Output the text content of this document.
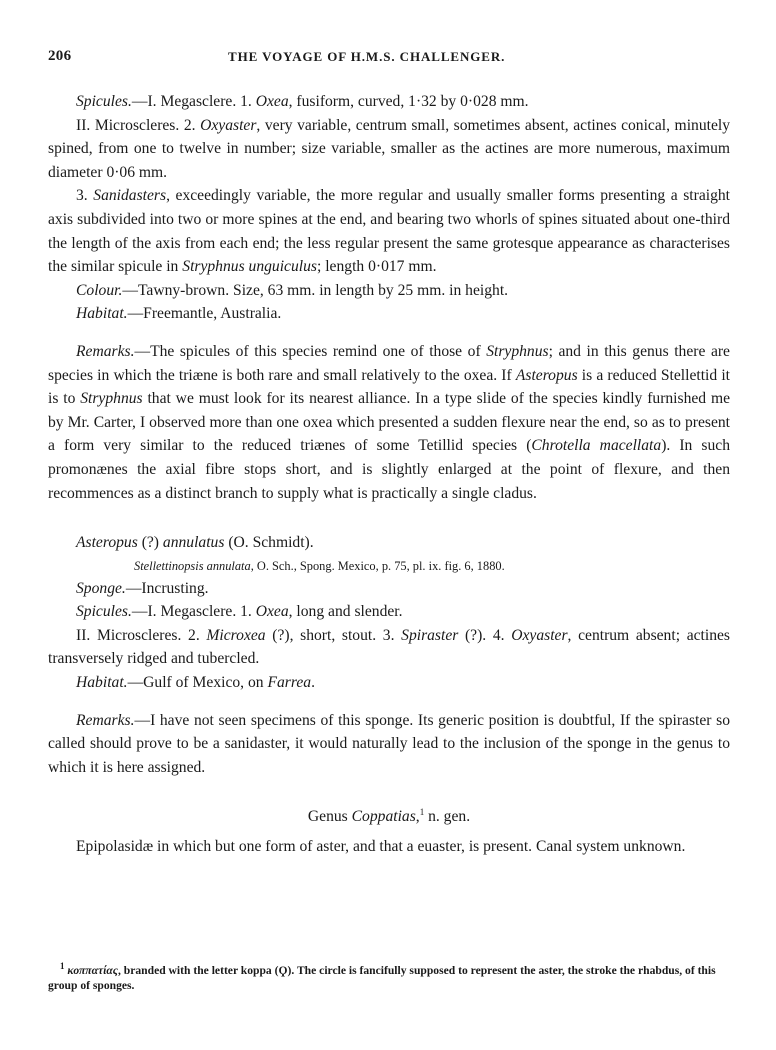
206	THE VOYAGE OF H.M.S. CHALLENGER.

Spicules.—I. Megasclere. 1. Oxea, fusiform, curved, 1·32 by 0·028 mm.

II. Microscleres. 2. Oxyaster, very variable, centrum small, sometimes absent, actines conical, minutely spined, from one to twelve in number; size variable, smaller as the actines are more numerous, maximum diameter 0·06 mm.

3. Sanidasters, exceedingly variable, the more regular and usually smaller forms presenting a straight axis subdivided into two or more spines at the end, and bearing two whorls of spines situated about one-third the length of the axis from each end; the less regular present the same grotesque appearance as characterises the similar spicule in Stryphnus unguiculus; length 0·017 mm.

Colour.—Tawny-brown. Size, 63 mm. in length by 25 mm. in height.

Habitat.—Freemantle, Australia.

Remarks.—The spicules of this species remind one of those of Stryphnus; and in this genus there are species in which the triæne is both rare and small relatively to the oxea. If Asteropus is a reduced Stellettid it is to Stryphnus that we must look for its nearest alliance. In a type slide of the species kindly furnished me by Mr. Carter, I observed more than one oxea which presented a sudden flexure near the end, so as to present a form very similar to the reduced triænes of some Tetillid species (Chrotella macellata). In such promonænes the axial fibre stops short, and is slightly enlarged at the point of flexure, and then recommences as a distinct branch to supply what is practically a single cladus.

Asteropus (?) annulatus (O. Schmidt).

Stellettinopsis annulata, O. Sch., Spong. Mexico, p. 75, pl. ix. fig. 6, 1880.

Sponge.—Incrusting.

Spicules.—I. Megasclere. 1. Oxea, long and slender.

II. Microscleres. 2. Microxea (?), short, stout. 3. Spiraster (?). 4. Oxyaster, centrum absent; actines transversely ridged and tubercled.

Habitat.—Gulf of Mexico, on Farrea.

Remarks.—I have not seen specimens of this sponge. Its generic position is doubtful, If the spiraster so called should prove to be a sanidaster, it would naturally lead to the inclusion of the sponge in the genus to which it is here assigned.

Genus Coppatias,$^1$ n. gen.

Epipolasidæ in which but one form of aster, and that a euaster, is present. Canal system unknown.

$^1$ κοππατίας, branded with the letter koppa (Ϙ). The circle is fancifully supposed to represent the aster, the stroke the rhabdus, of this group of sponges.
